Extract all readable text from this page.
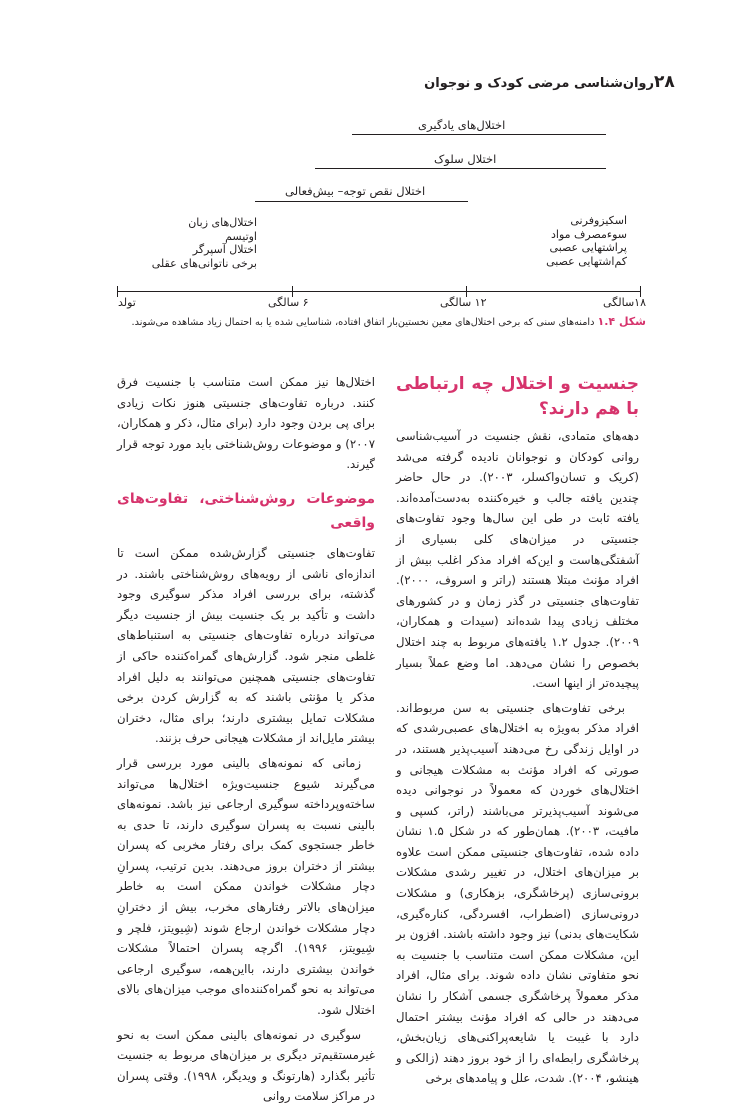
۲۸
روان‌شناسی مرضی کودک و نوجوان
اختلال‌های یادگیری
اختلال سلوک
اختلال نقص توجه– بیش‌فعالی
اختلال‌های زبان
اوتیسم
اختلال آسپرگر
برخی ناتوانی‌های عقلی
اسکیزوفرنی
سوءمصرف مواد
پراشتهایی عصبی
کم‌اشتهایی عصبی
تولد	۶ سالگی	۱۲ سالگی	۱۸سالگی
شکل ۱.۴ دامنه‌های سنی که برخی اختلال‌های معین نخستین‌بار اتفاق افتاده، شناسایی شده یا به احتمال زیاد مشاهده می‌شوند.
جنسیت و اختلال چه ارتباطی با هم دارند؟

دهه‌های متمادی، نقش جنسیت در آسیب‌شناسی روانی کودکان و نوجوانان نادیده گرفته می‌شد (کریک و تسان‌واکسلر، ۲۰۰۳). در حال حاضر چندین یافته جالب و خیره‌کننده به‌دست‌آمده‌اند. یافته ثابت در طی این سال‌ها وجود تفاوت‌های جنسیتی در میزان‌های کلی بسیاری از آشفتگی‌هاست و این‌که افراد مذکر اغلب بیش از افراد مؤنث مبتلا هستند (راتر و اسروف، ۲۰۰۰). تفاوت‌های جنسیتی در گذر زمان و در کشورهای مختلف زیادی پیدا شده‌اند (سیدات و همکاران، ۲۰۰۹). جدول ۱.۲ یافته‌های مربوط به چند اختلال بخصوص را نشان می‌دهد. اما وضع عملاً بسیار پیچیده‌تر از اینها است.

برخی تفاوت‌های جنسیتی به سن مربوط‌اند. افراد مذکر به‌ویژه به اختلال‌های عصبی‌رشدی که در اوایل زندگی رخ می‌دهند آسیب‌پذیر هستند، در صورتی که افراد مؤنث به مشکلات هیجانی و اختلال‌های خوردن که معمولاً در نوجوانی دیده می‌شوند آسیب‌پذیرتر می‌باشند (راتر، کسپی و مافیت، ۲۰۰۳). همان‌طور که در شکل ۱.۵ نشان داده شده، تفاوت‌های جنسیتی ممکن است علاوه بر میزان‌های اختلال، در تغییر رشدی مشکلات برونی‌سازی (پرخاشگری، بزهکاری) و مشکلات درونی‌سازی (اضطراب، افسردگی، کناره‌گیری، شکایت‌های بدنی) نیز وجود داشته باشند. افزون بر این، مشکلات ممکن است متناسب با جنسیت به نحو متفاوتی نشان داده شوند. برای مثال، افراد مذکر معمولاً پرخاشگری جسمی آشکار را نشان می‌دهند در حالی که افراد مؤنث بیشتر احتمال دارد با غیبت یا شایعه‌پراکنی‌های زیان‌بخش، پرخاشگری رابطه‌ای را از خود بروز دهند (زالکی و هینشو، ۲۰۰۴). شدت، علل و پیامدهای برخی

اختلال‌ها نیز ممکن است متناسب با جنسیت فرق کنند. درباره تفاوت‌های جنسیتی هنوز نکات زیادی برای پی بردن وجود دارد (برای مثال، ذکر و همکاران، ۲۰۰۷) و موضوعات روش‌شناختی باید مورد توجه قرار گیرند.

موضوعات روش‌شناختی، تفاوت‌های واقعی

تفاوت‌های جنسیتی گزارش‌شده ممکن است تا اندازه‌ای ناشی از رویه‌های روش‌شناختی باشند. در گذشته، برای بررسی افراد مذکر سوگیری وجود داشت و تأکید بر یک جنسیت بیش از جنسیت دیگر می‌تواند درباره تفاوت‌های جنسیتی به استنباط‌های غلطی منجر شود. گزارش‌های گمراه‌کننده حاکی از تفاوت‌های جنسیتی همچنین می‌توانند به دلیل افراد مذکر یا مؤنثی باشند که به گزارش کردن برخی مشکلات تمایل بیشتری دارند؛ برای مثال، دختران بیشتر مایل‌اند از مشکلات هیجانی حرف بزنند.

زمانی که نمونه‌های بالینی مورد بررسی قرار می‌گیرند شیوع جنسیت‌ویژه اختلال‌ها می‌تواند ساخته‌وپرداخته سوگیری ارجاعی نیز باشد. نمونه‌های بالینی نسبت به پسران سوگیری دارند، تا حدی به خاطر جستجوی کمک برای رفتار مخربی که پسران بیشتر از دختران بروز می‌دهند. بدین ترتیب، پسرانِ دچار مشکلات خواندن ممکن است به خاطر میزان‌های بالاتر رفتارهای مخرب، بیش از دخترانِ دچار مشکلات خواندن ارجاع شوند (شِیویتز، فلچر و شِیویتز، ۱۹۹۶). اگرچه پسران احتمالاً مشکلات خواندن بیشتری دارند، بااین‌همه، سوگیری ارجاعی می‌تواند به نحو گمراه‌کننده‌ای موجب میزان‌های بالای اختلال شود.

سوگیری در نمونه‌های بالینی ممکن است به نحو غیرمستقیم‌تر دیگری بر میزان‌های مربوط به جنسیت تأثیر بگذارد (هارتونگ و ویدیگر، ۱۹۹۸). وقتی پسران در مراکز سلامت روانی
